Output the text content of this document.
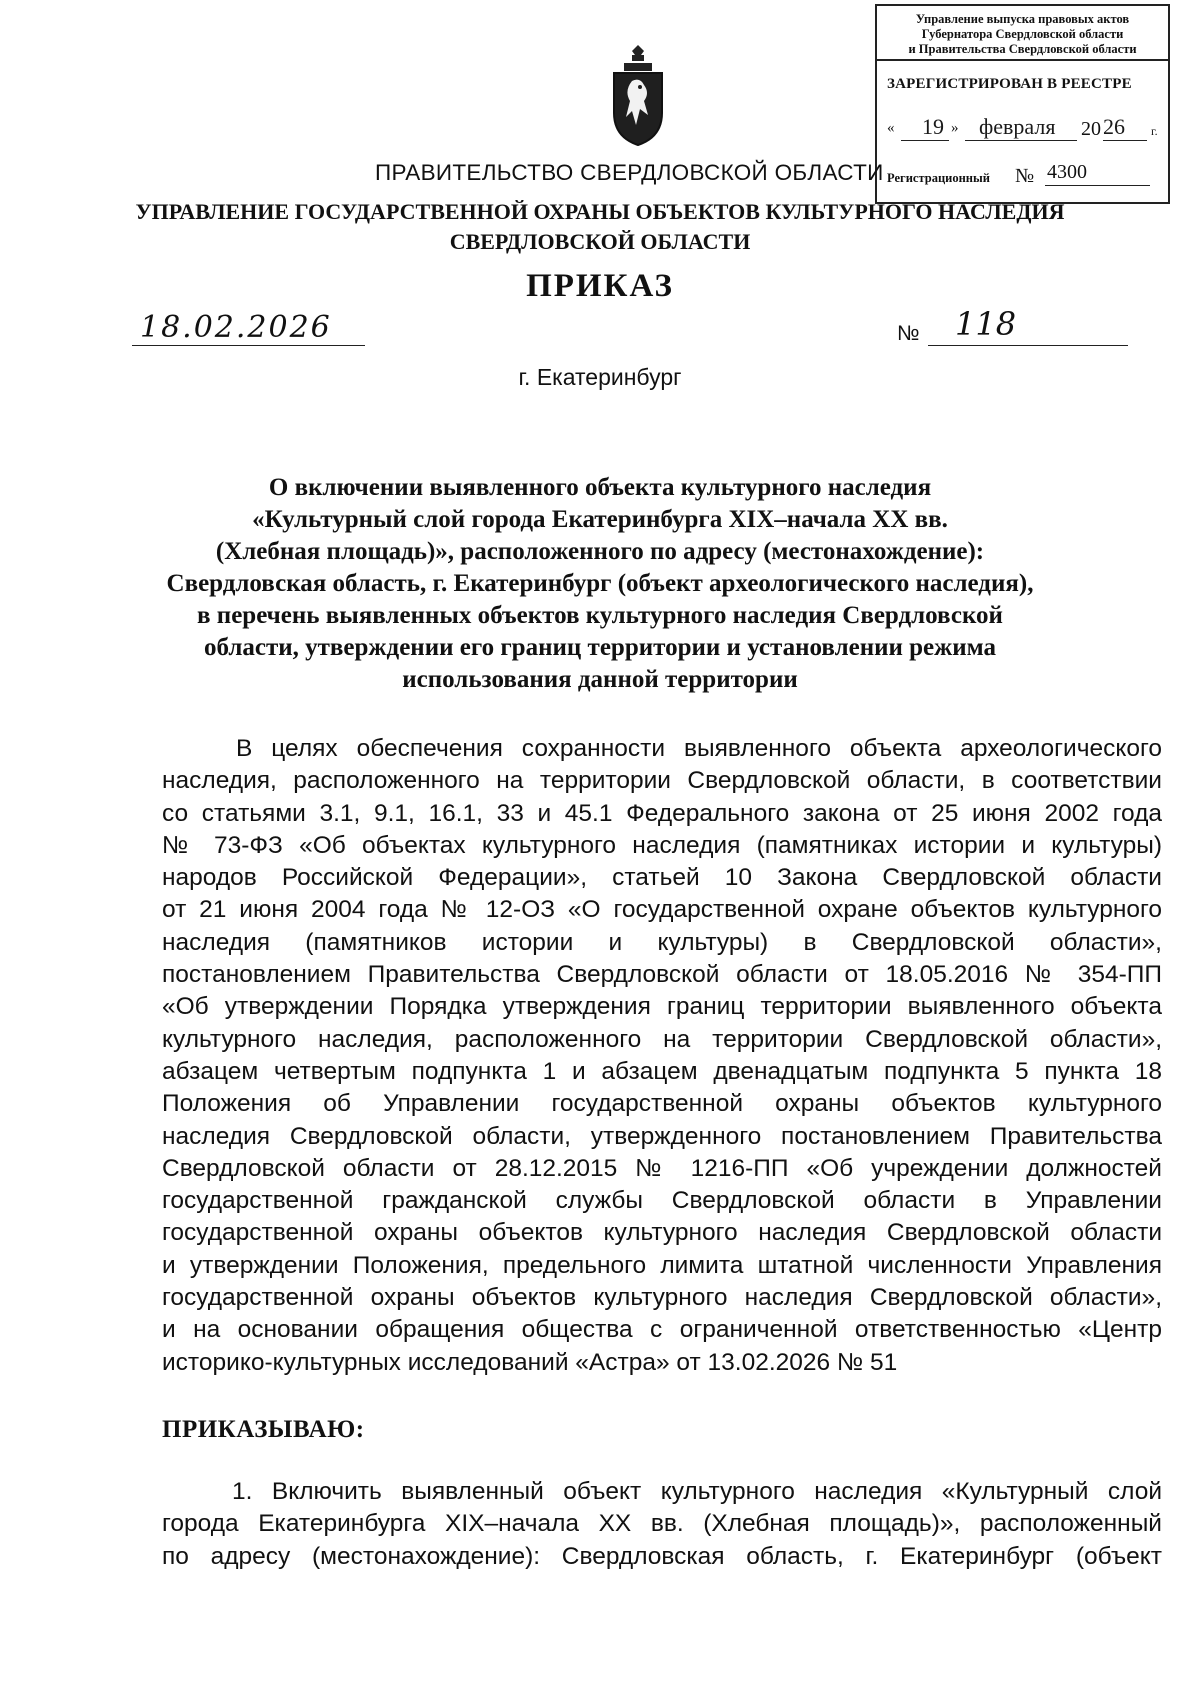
Управление выпуска правовых актов
Губернатора Свердловской области
и Правительства Свердловской области
ЗАРЕГИСТРИРОВАН В РЕЕСТРЕ
« 19 » февраля 20 26 г.
Регистрационный № 4300
ПРАВИТЕЛЬСТВО СВЕРДЛОВСКОЙ ОБЛАСТИ
УПРАВЛЕНИЕ ГОСУДАРСТВЕННОЙ ОХРАНЫ ОБЪЕКТОВ КУЛЬТУРНОГО НАСЛЕДИЯ
СВЕРДЛОВСКОЙ ОБЛАСТИ
ПРИКАЗ
18.02.2026	№ 118
г. Екатеринбург
О включении выявленного объекта культурного наследия
«Культурный слой города Екатеринбурга XIX–начала XX вв.
(Хлебная площадь)», расположенного по адресу (местонахождение):
Свердловская область, г. Екатеринбург (объект археологического наследия),
в перечень выявленных объектов культурного наследия Свердловской
области, утверждении его границ территории и установлении режима
использования данной территории
В целях обеспечения сохранности выявленного объекта археологического
наследия, расположенного на территории Свердловской области, в соответствии
со статьями 3.1, 9.1, 16.1, 33 и 45.1 Федерального закона от 25 июня 2002 года
№ 73-ФЗ «Об объектах культурного наследия (памятниках истории и культуры)
народов Российской Федерации», статьей 10 Закона Свердловской области
от 21 июня 2004 года № 12-ОЗ «О государственной охране объектов культурного
наследия (памятников истории и культуры) в Свердловской области»,
постановлением Правительства Свердловской области от 18.05.2016 № 354-ПП
«Об утверждении Порядка утверждения границ территории выявленного объекта
культурного наследия, расположенного на территории Свердловской области»,
абзацем четвертым подпункта 1 и абзацем двенадцатым подпункта 5 пункта 18
Положения об Управлении государственной охраны объектов культурного
наследия Свердловской области, утвержденного постановлением Правительства
Свердловской области от 28.12.2015 № 1216-ПП «Об учреждении должностей
государственной гражданской службы Свердловской области в Управлении
государственной охраны объектов культурного наследия Свердловской области
и утверждении Положения, предельного лимита штатной численности Управления
государственной охраны объектов культурного наследия Свердловской области»,
и на основании обращения общества с ограниченной ответственностью «Центр
историко-культурных исследований «Астра» от 13.02.2026 № 51
ПРИКАЗЫВАЮ:
1. Включить выявленный объект культурного наследия «Культурный слой
города Екатеринбурга XIX–начала XX вв. (Хлебная площадь)», расположенный
по адресу (местонахождение): Свердловская область, г. Екатеринбург (объект
